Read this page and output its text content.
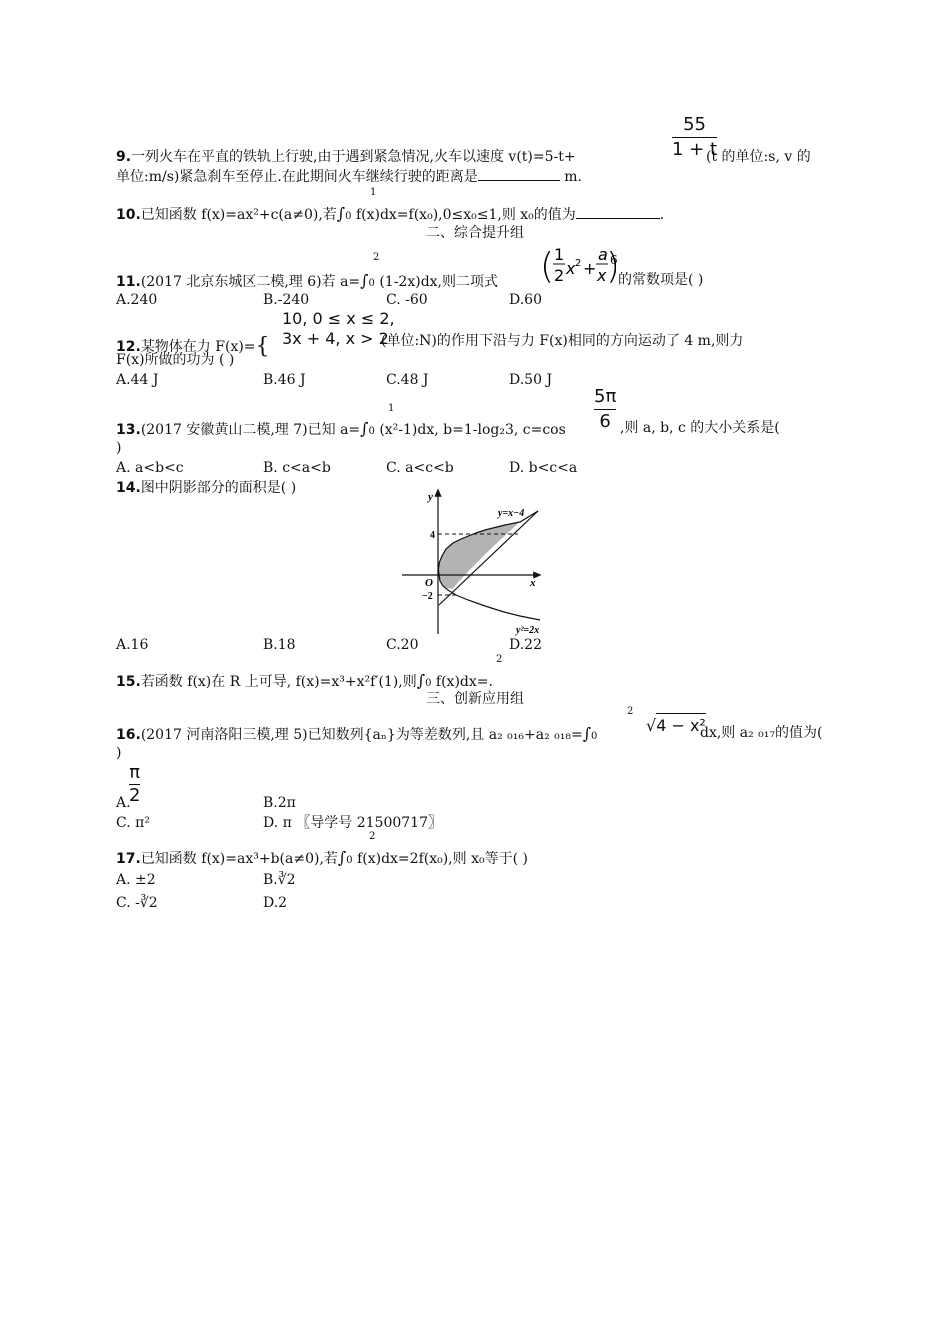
$\frac{55}{1 + t}$
9.一列火车在平直的铁轨上行驶,由于遇到紧急情况,火车以速度 v(t)=5-t+	(t 的单位:s, v 的
单位:m/s)紧急刹车至停止.在此期间火车继续行驶的距离是	m.
1
10.已知函数 f(x)=ax²+c(a≠0),若∫0 f(x)dx=f(x₀),0≤x₀≤1,则 x₀的值为	.
二、综合提升组
2
11.(2017 北京东城区二模,理 6)若 a=∫0 (1-2x)dx,则二项式 ( 1
2 x 2 +
a
x
6
的常数项是( )
A.240	B.-240	C. -60	D.60
12.某物体在力 F(x)={
10, 0 ≤ x ≤ 2,
3x + 4, x > 2
(单位:N)的作用下沿与力 F(x)相同的方向运动了 4 m,则力
F(x)所做的功为 ( )
A.44 J	B.46 J	C.48 J	D.50 J
$\frac{5\pi}{6}$
1
13.(2017 安徽黄山二模,理 7)已知 a=∫0 (x²-1)dx, b=1-log₂3, c=cos	,则 a, b, c 的大小关系是(
)
A. a<b<c	B. c<a<b	C. a<c<b	D. b<c<a
14.图中阴影部分的面积是( )
y
x
O
y=x−4
y²=2x
4
−2
A.16	B.18	C.20	D.22
2
15.若函数 f(x)在 R 上可导, f(x)=x³+x²f′(1),则∫0 f(x)dx=.
三、创新应用组
2
16.(2017 河南洛阳三模,理 5)已知数列{aₙ}为等差数列,且 a₂ ₀₁₆+a₂ ₀₁₈=∫0
√4 − x²
dx,则 a₂ ₀₁₇的值为(
)
A.
$\frac{\pi}{2}$	B.2π
C. π²	D. π 〖导学号 21500717〗
2
17.已知函数 f(x)=ax³+b(a≠0),若∫0 f(x)dx=2f(x₀),则 x₀等于( )
A. ±2	B.∛2
C. -∛2	D.2
